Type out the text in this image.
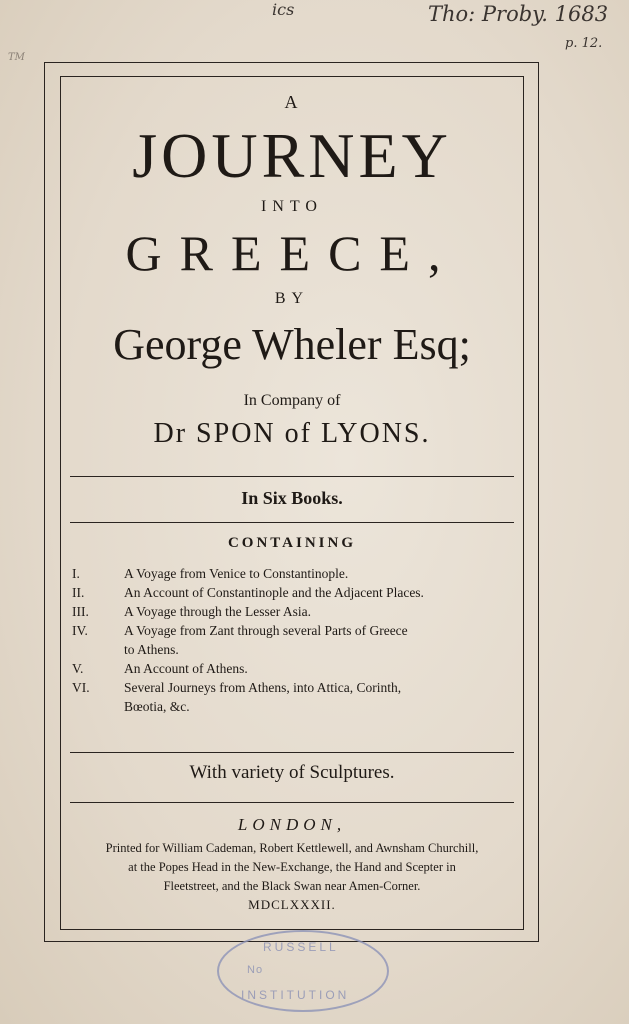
ics	Tho: Proby. 1683
p. 12.
TM
A
JOURNEY
INTO
GREECE,
BY
George Wheler Esq;
In Company of
Dr SPON of LYONS.
In Six Books.
CONTAINING
I.	A Voyage from Venice to Constantinople.
II.	An Account of Constantinople and the Adjacent Places.
III.	A Voyage through the Lesser Asia.
IV.	A Voyage from Zant through several Parts of Greece
to Athens.
V.	An Account of Athens.
VI.	Several Journeys from Athens, into Attica, Corinth,
Bœotia, &c.
With variety of Sculptures.
LONDON,
Printed for William Cademan, Robert Kettlewell, and Awnsham Churchill,
at the Popes Head in the New-Exchange, the Hand and Scepter in
Fleetstreet, and the Black Swan near Amen-Corner.
MDCLXXXII.
RUSSELL
No
INSTITUTION
